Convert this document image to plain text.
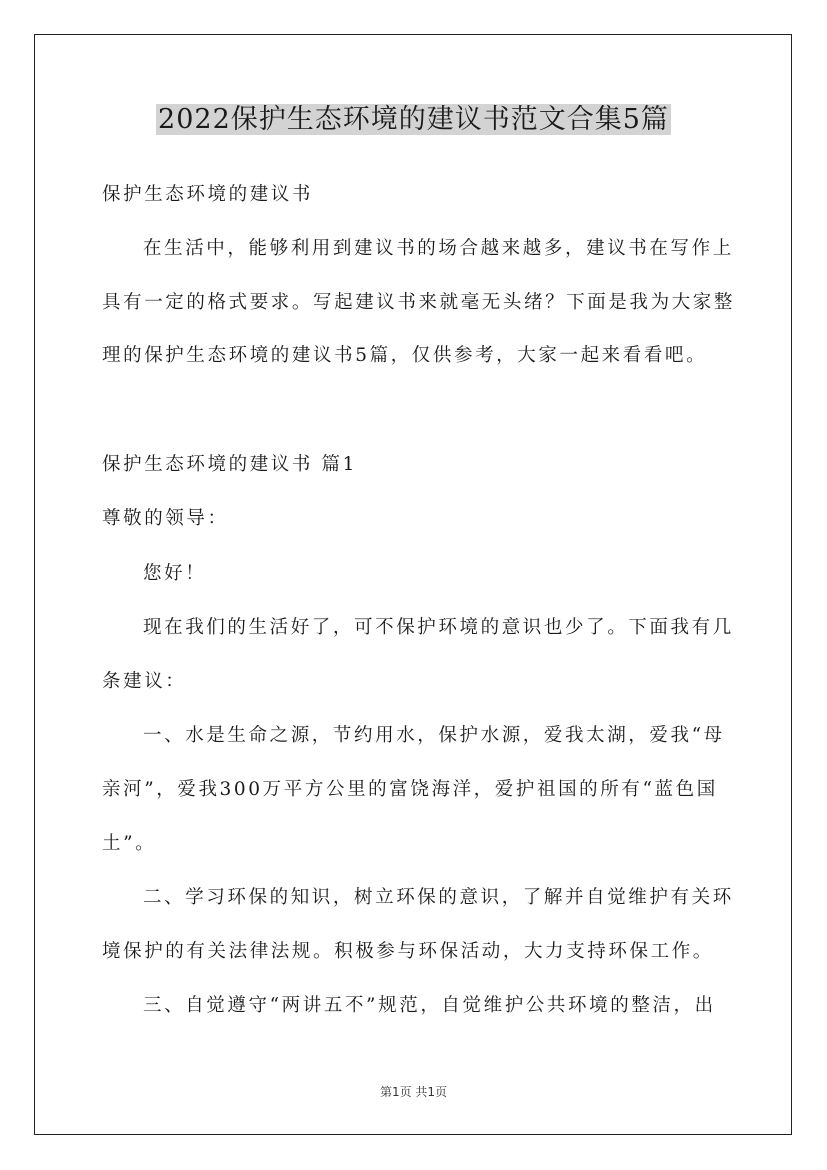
2022保护生态环境的建议书范文合集5篇
保护生态环境的建议书
在生活中，能够利用到建议书的场合越来越多，建议书在写作上
具有一定的格式要求。写起建议书来就毫无头绪？下面是我为大家整
理的保护生态环境的建议书5篇，仅供参考，大家一起来看看吧。
保护生态环境的建议书 篇1
尊敬的领导：
您好！
现在我们的生活好了，可不保护环境的意识也少了。下面我有几
条建议：
一、水是生命之源，节约用水，保护水源，爱我太湖，爱我“母
亲河”，爱我300万平方公里的富饶海洋，爱护祖国的所有“蓝色国
土”。
二、学习环保的知识，树立环保的意识，了解并自觉维护有关环
境保护的有关法律法规。积极参与环保活动，大力支持环保工作。
三、自觉遵守“两讲五不”规范，自觉维护公共环境的整洁，出
第1页 共1页
